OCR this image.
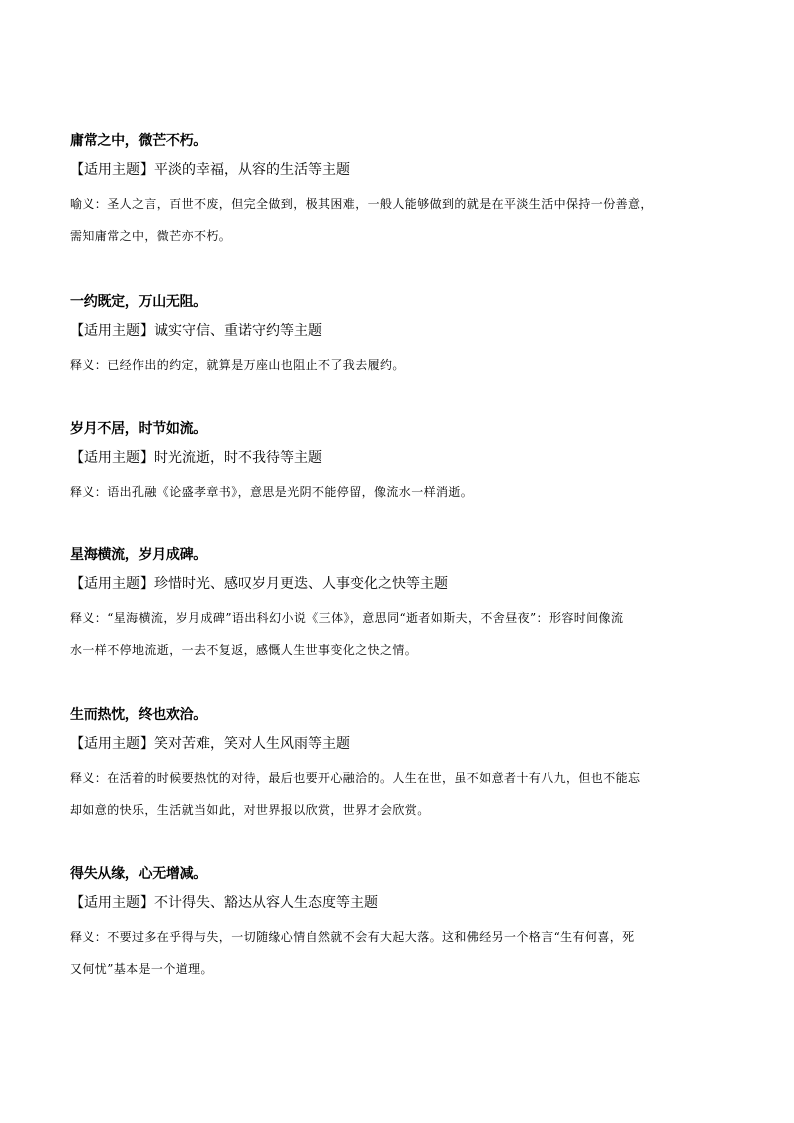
庸常之中，微芒不朽。
【适用主题】平淡的幸福，从容的生活等主题
喻义：圣人之言，百世不废，但完全做到，极其困难，一般人能够做到的就是在平淡生活中保持一份善意，
需知庸常之中，微芒亦不朽。
一约既定，万山无阻。
【适用主题】诚实守信、重诺守约等主题
释义：已经作出的约定，就算是万座山也阻止不了我去履约。
岁月不居，时节如流。
【适用主题】时光流逝，时不我待等主题
释义：语出孔融《论盛孝章书》，意思是光阴不能停留，像流水一样消逝。
星海横流，岁月成碑。
【适用主题】珍惜时光、感叹岁月更迭、人事变化之快等主题
释义：“星海横流，岁月成碑”语出科幻小说《三体》，意思同“逝者如斯夫，不舍昼夜”：形容时间像流
水一样不停地流逝，一去不复返，感慨人生世事变化之快之情。
生而热忱，终也欢洽。
【适用主题】笑对苦难，笑对人生风雨等主题
释义：在活着的时候要热忱的对待，最后也要开心融洽的。人生在世，虽不如意者十有八九，但也不能忘
却如意的快乐，生活就当如此，对世界报以欣赏，世界才会欣赏。
得失从缘，心无增减。
【适用主题】不计得失、豁达从容人生态度等主题
释义：不要过多在乎得与失，一切随缘心情自然就不会有大起大落。这和佛经另一个格言“生有何喜，死
又何忧”基本是一个道理。
